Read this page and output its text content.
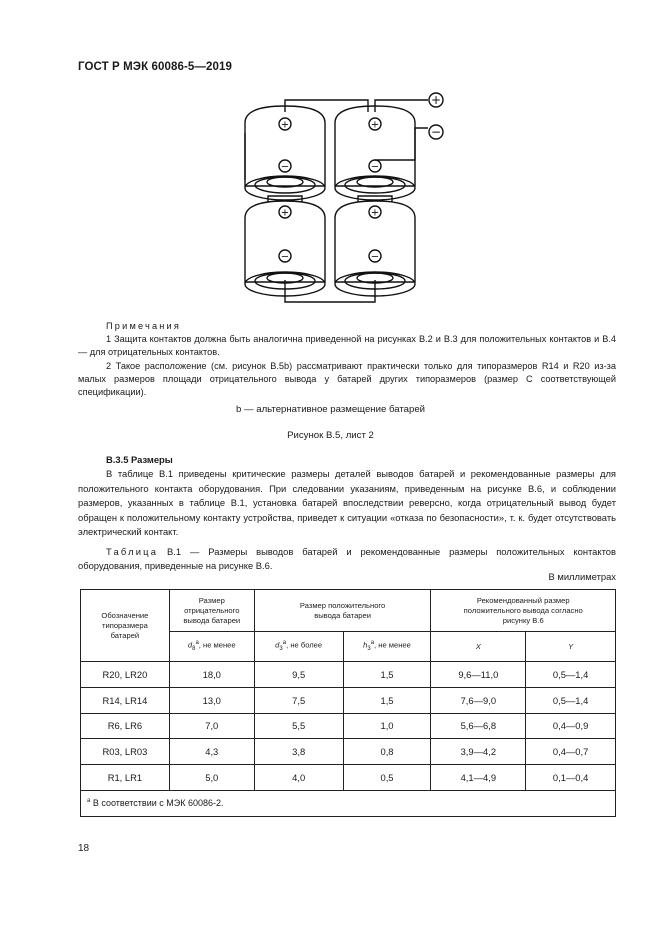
ГОСТ Р МЭК 60086-5—2019
+
−
+
−
+
−
+
−
+
−

Примечания

1 Защита контактов должна быть аналогична приведенной на рисунках В.2 и В.3 для положительных контактов и В.4 — для отрицательных контактов.

2 Такое расположение (см. рисунок В.5b) рассматривают практически только для типоразмеров R14 и R20 из-за малых размеров площади отрицательного вывода у батарей других типоразмеров (размер C соответствующей спецификации).

b — альтернативное размещение батарей
Рисунок В.5, лист 2

В.3.5 Размеры

В таблице В.1 приведены критические размеры деталей выводов батарей и рекомендованные размеры для положительного контакта оборудования. При следовании указаниям, приведенным на рисунке В.6, и соблюдении размеров, указанных в таблице В.1, установка батарей впоследствии реверсно, когда отрицательный вывод будет обращен к положительному контакту устройства, приведет к ситуации «отказа по безопасности», т. к. будет отсутствовать электрический контакт.

Таблица В.1 — Размеры выводов батарей и рекомендованные размеры положительных контактов оборудования, приведенные на рисунке В.6.
В миллиметрах
Обозначение типоразмера батарей	Размер отрицательного вывода батареи	Размер положительного вывода батареи		Рекомендованный размер положительного вывода согласно рисунку В.6	
	$d_8^a$, не менее	$d_3^a$, не более	$h_3^a$, не менее	X	Y
R20, LR20	18,0	9,5	1,5	9,6—11,0	0,5—1,4
R14, LR14	13,0	7,5	1,5	7,6—9,0	0,5—1,4
R6, LR6	7,0	5,5	1,0	5,6—6,8	0,4—0,9
R03, LR03	4,3	3,8	0,8	3,9—4,2	0,4—0,7
R1, LR1	5,0	4,0	0,5	4,1—4,9	0,1—0,4
$^a$ В соответствии с МЭК 60086-2.					
18
